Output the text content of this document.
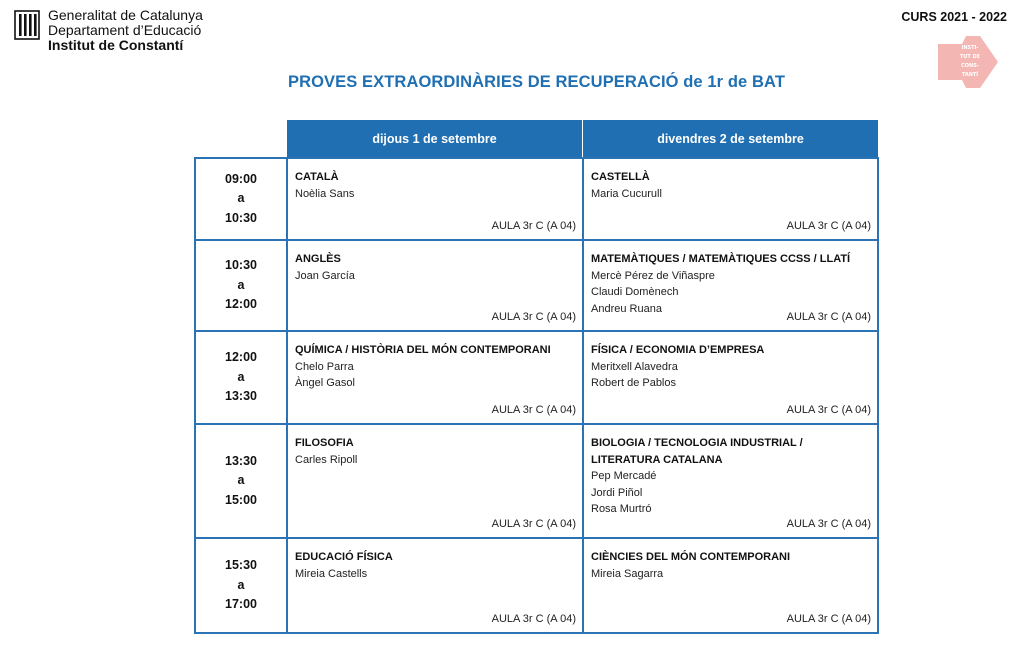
Generalitat de Catalunya
Departament d’Educació
Institut de Constantí
CURS 2021 - 2022
INSTI-
TUT DE
CONS-
TANTÍ
PROVES EXTRAORDINÀRIES DE RECUPERACIÓ de 1r de BAT
dijous 1 de setembre	divendres 2 de setembre
09:00
a
10:30
CATALÀ
Noèlia Sans
AULA 3r C (A 04)
CASTELLÀ
Maria Cucurull
AULA 3r C (A 04)
10:30
a
12:00
ANGLÈS
Joan García
AULA 3r C (A 04)
MATEMÀTIQUES / MATEMÀTIQUES CCSS / LLATÍ
Mercè Pérez de Viñaspre
Claudi Domènech
Andreu Ruana
AULA 3r C (A 04)
12:00
a
13:30
QUÍMICA / HISTÒRIA DEL MÓN CONTEMPORANI
Chelo Parra
Àngel Gasol
AULA 3r C (A 04)
FÍSICA / ECONOMIA D’EMPRESA
Meritxell Alavedra
Robert de Pablos
AULA 3r C (A 04)
13:30
a
15:00
FILOSOFIA
Carles Ripoll
AULA 3r C (A 04)
BIOLOGIA / TECNOLOGIA INDUSTRIAL /
LITERATURA CATALANA
Pep Mercadé
Jordi Piñol
Rosa Murtró
AULA 3r C (A 04)
15:30
a
17:00
EDUCACIÓ FÍSICA
Mireia Castells
AULA 3r C (A 04)
CIÈNCIES DEL MÓN CONTEMPORANI
Mireia Sagarra
AULA 3r C (A 04)
